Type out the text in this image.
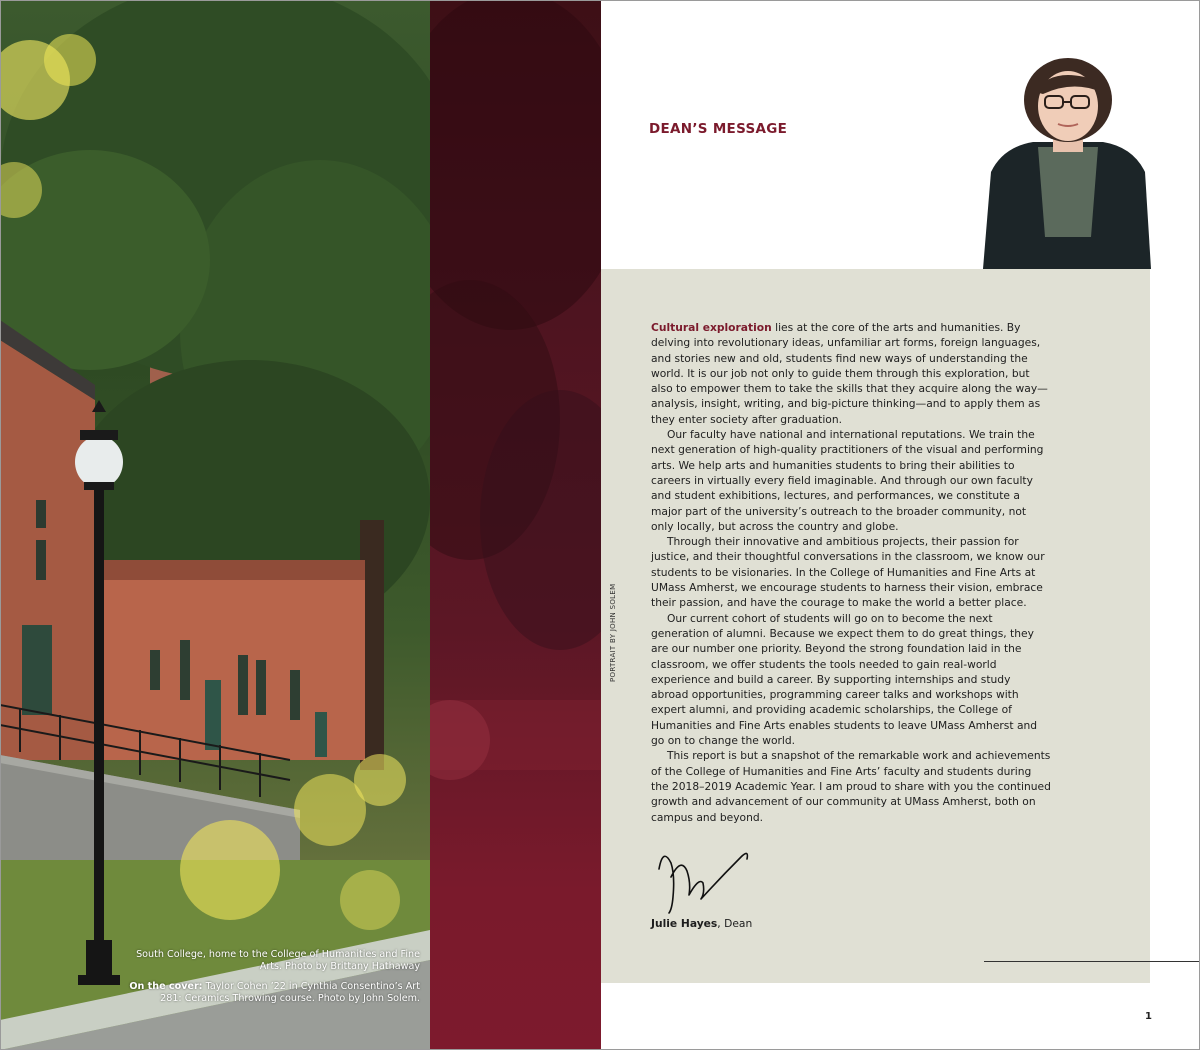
South College, home to the College of Humanities and Fine Arts. Photo by Brittany Hathaway
On the cover: Taylor Cohen ’22 in Cynthia Consentino’s Art 281: Ceramics Throwing course. Photo by John Solem.
DEAN’S MESSAGE
PORTRAIT BY JOHN SOLEM

Cultural exploration lies at the core of the arts and humanities. By delving into revolutionary ideas, unfamiliar art forms, foreign languages, and stories new and old, students find new ways of understanding the world. It is our job not only to guide them through this exploration, but also to empower them to take the skills that they acquire along the way—analysis, insight, writing, and big-picture thinking—and to apply them as they enter society after graduation.

Our faculty have national and international reputations. We train the next generation of high-quality practitioners of the visual and performing arts. We help arts and humanities students to bring their abilities to careers in virtually every field imaginable. And through our own faculty and student exhibitions, lectures, and performances, we constitute a major part of the university’s outreach to the broader community, not only locally, but across the country and globe.

Through their innovative and ambitious projects, their passion for justice, and their thoughtful conversations in the classroom, we know our students to be visionaries. In the College of Humanities and Fine Arts at UMass Amherst, we encourage students to harness their vision, embrace their passion, and have the courage to make the world a better place.

Our current cohort of students will go on to become the next generation of alumni. Because we expect them to do great things, they are our number one priority. Beyond the strong foundation laid in the classroom, we offer students the tools needed to gain real-world experience and build a career. By supporting internships and study abroad opportunities, programming career talks and workshops with expert alumni, and providing academic scholarships, the College of Humanities and Fine Arts enables students to leave UMass Amherst and go on to change the world.

This report is but a snapshot of the remarkable work and achievements of the College of Humanities and Fine Arts’ faculty and students during the 2018–2019 Academic Year. I am proud to share with you the continued growth and advancement of our community at UMass Amherst, both on campus and beyond.

Julie Hayes, Dean
1
